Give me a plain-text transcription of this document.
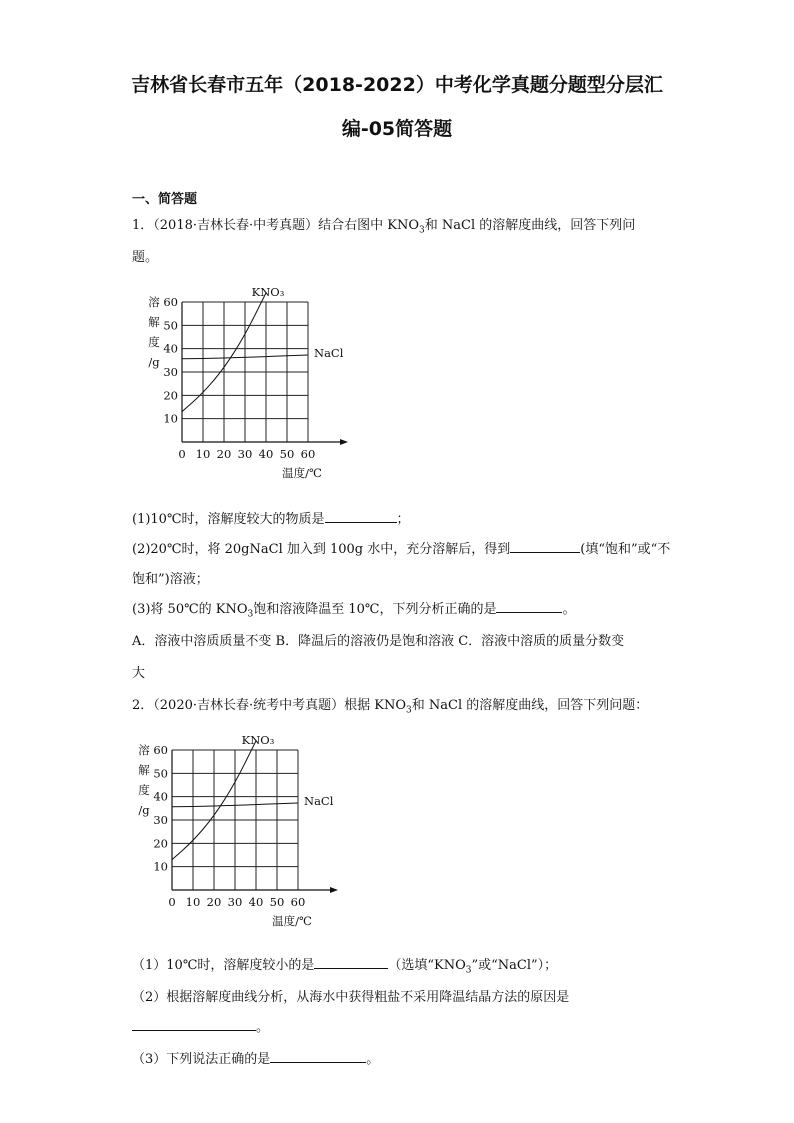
吉林省长春市五年（2018-2022）中考化学真题分题型分层汇
编-05简答题
一、简答题
1．（2018·吉林长春·中考真题）结合右图中 $KNO_3$和 NaCl 的溶解度曲线，回答下列问
题。
0 10 20 30 40 50 60
10
20
30
40
50
60
溶
解
度
/g
温度/℃
KNO₃
NaCl
(1)10℃时，溶解度较大的物质是	；
(2)20℃时，将 20gNaCl 加入到 100g 水中，充分溶解后，得到	(填“饱和”或“不
饱和”)溶液；
(3)将 50℃的 $KNO_3$饱和溶液降温至 10℃，下列分析正确的是	。
A．溶液中溶质质量不变 B．降温后的溶液仍是饱和溶液 C．溶液中溶质的质量分数变
大
2．（2020·吉林长春·统考中考真题）根据 $KNO_3$和 NaCl 的溶解度曲线，回答下列问题：
0 10 20 30 40 50 60
10
20
30
40
50
60
溶
解
度
/g
温度/℃
KNO₃
NaCl
（1）10℃时，溶解度较小的是	（选填“$KNO_3$”或“NaCl”）；
（2）根据溶解度曲线分析，从海水中获得粗盐不采用降温结晶方法的原因是
。
（3）下列说法正确的是	。
